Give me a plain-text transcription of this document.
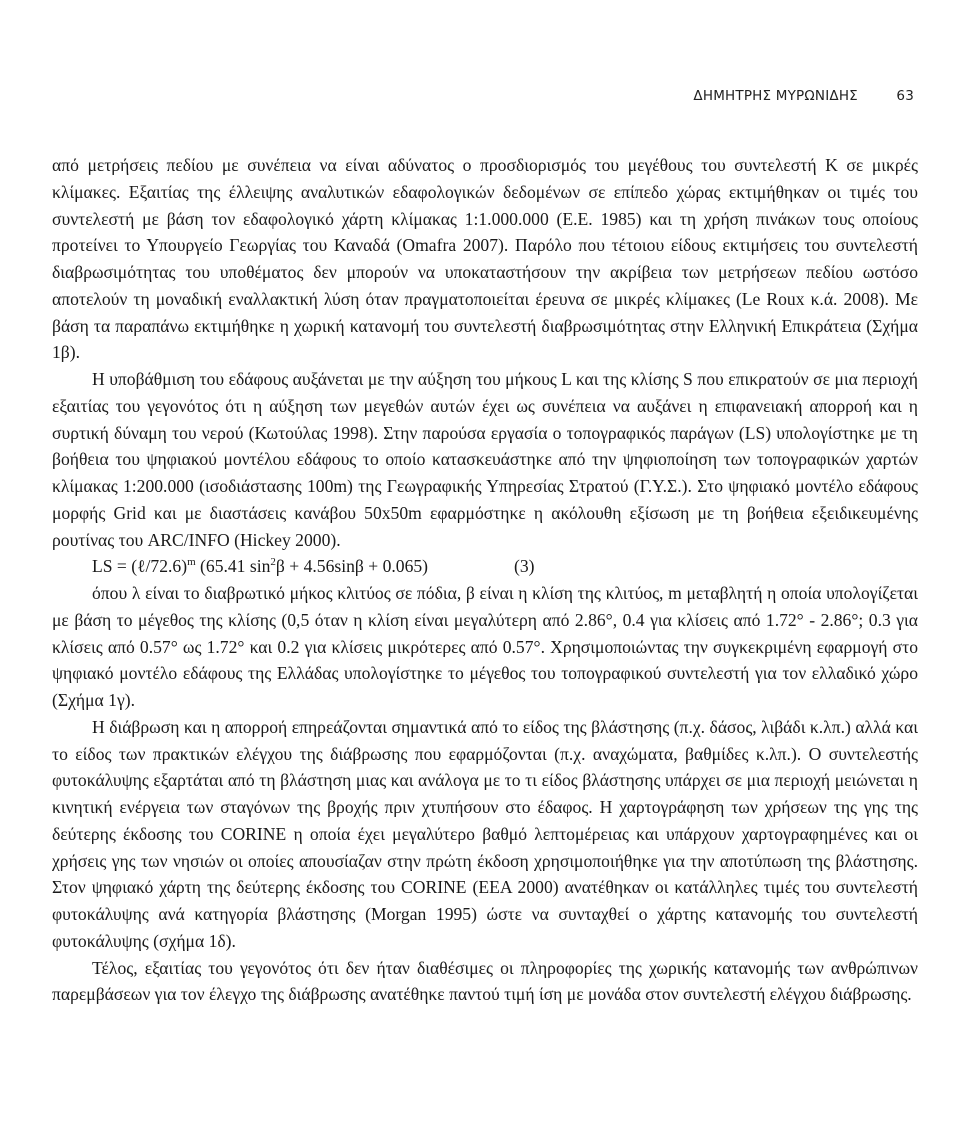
ΔΗΜΗΤΡΗΣ ΜΥΡΩΝΙΔΗΣ	63

από μετρήσεις πεδίου με συνέπεια να είναι αδύνατος ο προσδιορισμός του μεγέθους του συντελεστή Κ σε μικρές κλίμακες. Εξαιτίας της έλλειψης αναλυτικών εδαφολογικών δεδομένων σε επίπεδο χώρας εκτιμήθηκαν οι τιμές του συντελεστή με βάση τον εδαφολογικό χάρτη κλίμακας 1:1.000.000 (Ε.Ε. 1985) και τη χρήση πινάκων τους οποίους προτείνει το Υπουργείο Γεωργίας του Καναδά (Omafra 2007). Παρόλο που τέτοιου είδους εκτιμήσεις του συντελεστή διαβρωσιμότητας του υποθέματος δεν μπορούν να υποκαταστήσουν την ακρίβεια των μετρήσεων πεδίου ωστόσο αποτελούν τη μοναδική εναλλακτική λύση όταν πραγματοποιείται έρευνα σε μικρές κλίμακες (Le Roux κ.ά. 2008). Με βάση τα παραπάνω εκτιμήθηκε η χωρική κατανομή του συντελεστή διαβρωσιμότητας στην Ελληνική Επικράτεια (Σχήμα 1β).

Η υποβάθμιση του εδάφους αυξάνεται με την αύξηση του μήκους L και της κλίσης S που επικρατούν σε μια περιοχή εξαιτίας του γεγονότος ότι η αύξηση των μεγεθών αυτών έχει ως συνέπεια να αυξάνει η επιφανειακή απορροή και η συρτική δύναμη του νερού (Κωτούλας 1998). Στην παρούσα εργασία ο τοπογραφικός παράγων (LS) υπολογίστηκε με τη βοήθεια του ψηφιακού μοντέλου εδάφους το οποίο κατασκευάστηκε από την ψηφιοποίηση των τοπογραφικών χαρτών κλίμακας 1:200.000 (ισοδιάστασης 100m) της Γεωγραφικής Υπηρεσίας Στρατού (Γ.Υ.Σ.). Στο ψηφιακό μοντέλο εδάφους μορφής Grid και με διαστάσεις κανάβου 50x50m εφαρμόστηκε η ακόλουθη εξίσωση με τη βοήθεια εξειδικευμένης ρουτίνας του ARC/INFO (Hickey 2000).

LS = (ℓ/72.6)$^m$ (65.41 $\sin^2\beta + 4.56\sin\beta + 0.065$)	(3)

όπου λ είναι το διαβρωτικό μήκος κλιτύος σε πόδια, β είναι η κλίση της κλιτύος, m μεταβλητή η οποία υπολογίζεται με βάση το μέγεθος της κλίσης (0,5 όταν η κλίση είναι μεγαλύτερη από 2.86°, 0.4 για κλίσεις από 1.72° - 2.86°; 0.3 για κλίσεις από 0.57° ως 1.72° και 0.2 για κλίσεις μικρότερες από 0.57°. Χρησιμοποιώντας την συγκεκριμένη εφαρμογή στο ψηφιακό μοντέλο εδάφους της Ελλάδας υπολογίστηκε το μέγεθος του τοπογραφικού συντελεστή για τον ελλαδικό χώρο (Σχήμα 1γ).

Η διάβρωση και η απορροή επηρεάζονται σημαντικά από το είδος της βλάστησης (π.χ. δάσος, λιβάδι κ.λπ.) αλλά και το είδος των πρακτικών ελέγχου της διάβρωσης που εφαρμόζονται (π.χ. αναχώματα, βαθμίδες κ.λπ.). Ο συντελεστής φυτοκάλυψης εξαρτάται από τη βλάστηση μιας και ανάλογα με το τι είδος βλάστησης υπάρχει σε μια περιοχή μειώνεται η κινητική ενέργεια των σταγόνων της βροχής πριν χτυπήσουν στο έδαφος. Η χαρτογράφηση των χρήσεων της γης της δεύτερης έκδοσης του CORINE η οποία έχει μεγαλύτερο βαθμό λεπτομέρειας και υπάρχουν χαρτογραφημένες και οι χρήσεις γης των νησιών οι οποίες απουσίαζαν στην πρώτη έκδοση χρησιμοποιήθηκε για την αποτύπωση της βλάστησης. Στον ψηφιακό χάρτη της δεύτερης έκδοσης του CORINE (EEA 2000) ανατέθηκαν οι κατάλληλες τιμές του συντελεστή φυτοκάλυψης ανά κατηγορία βλάστησης (Morgan 1995) ώστε να συνταχθεί ο χάρτης κατανομής του συντελεστή φυτοκάλυψης (σχήμα 1δ).

Τέλος, εξαιτίας του γεγονότος ότι δεν ήταν διαθέσιμες οι πληροφορίες της χωρικής κατανομής των ανθρώπινων παρεμβάσεων για τον έλεγχο της διάβρωσης ανατέθηκε παντού τιμή ίση με μονάδα στον συντελεστή ελέγχου διάβρωσης.
